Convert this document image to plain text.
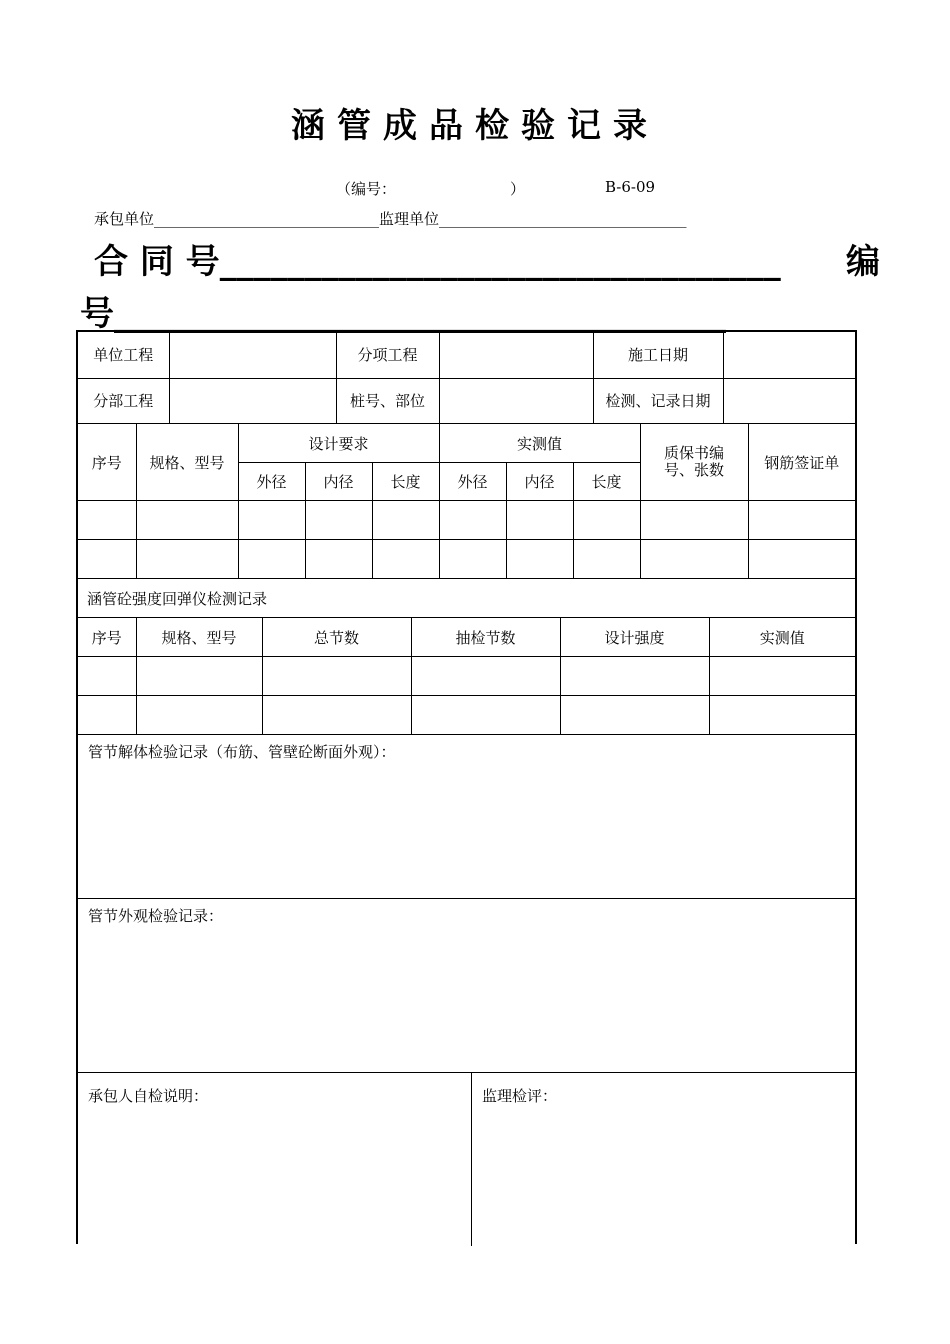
涵管成品检验记录
（编号：	）	B-6-09
承包单位______________________________监理单位_________________________________
合 同 号_________________________________ 编
号____________________________________
单位工程		分项工程		施工日期	
分部工程		桩号、部位		检测、记录日期	
序号	规格、型号	设计要求			实测值			质保书编号、张数	钢筋签证单
		外径	内径	长度	外径	内径	长度		

涵管砼强度回弹仪检测记录					
序号	规格、型号	总节数	抽检节数	设计强度	实测值

管节解体检验记录（布筋、管壁砼断面外观）：
管节外观检验记录：
承包人自检说明：	监理检评：
